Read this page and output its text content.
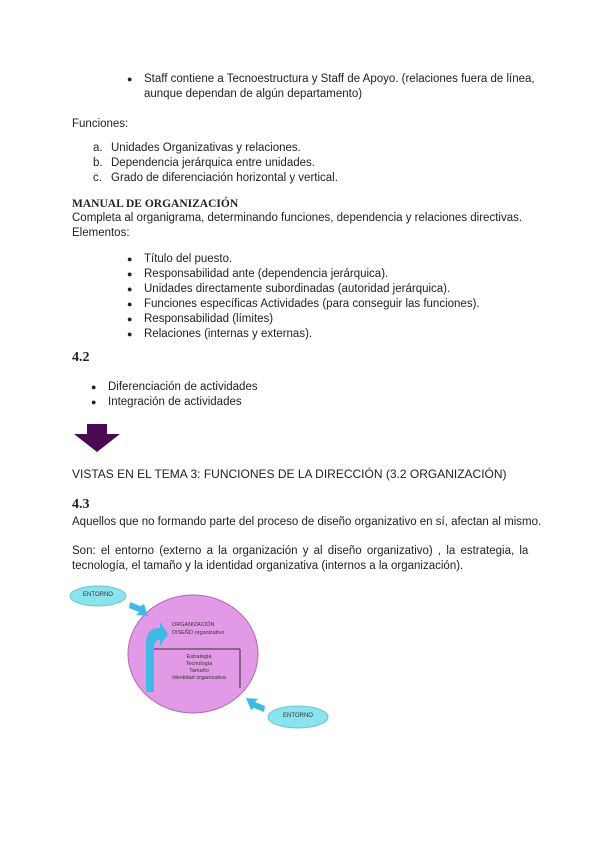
● Staff contiene a Tecnoestructura y Staff de Apoyo. (relaciones fuera de línea,
aunque dependan de algún departamento)
Funciones:
a. Unidades Organizativas y relaciones.
b. Dependencia jerárquica entre unidades.
c. Grado de diferenciación horizontal y vertical.
MANUAL DE ORGANIZACIÓN
Completa al organigrama, determinando funciones, dependencia y relaciones directivas.
Elementos:
● Título del puesto.
● Responsabilidad ante (dependencia jerárquica).
● Unidades directamente subordinadas (autoridad jerárquica).
● Funciones específicas Actividades (para conseguir las funciones).
● Responsabilidad (límites)
● Relaciones (internas y externas).
4.2
● Diferenciación de actividades
● Integración de actividades
VISTAS EN EL TEMA 3: FUNCIONES DE LA DIRECCIÓN (3.2 ORGANIZACIÓN)
4.3
Aquellos que no formando parte del proceso de diseño organizativo en sí, afectan al mismo.
Son: el entorno (externo a la organización y al diseño organizativo) , la estrategia, la
tecnología, el tamaño y la identidad organizativa (internos a la organización).
ENTORNO
ENTORNO
ORGANIZACIÓN
DISEÑO organizativo
Estrategia
Tecnología
Tamaño
Identidad organizativa
